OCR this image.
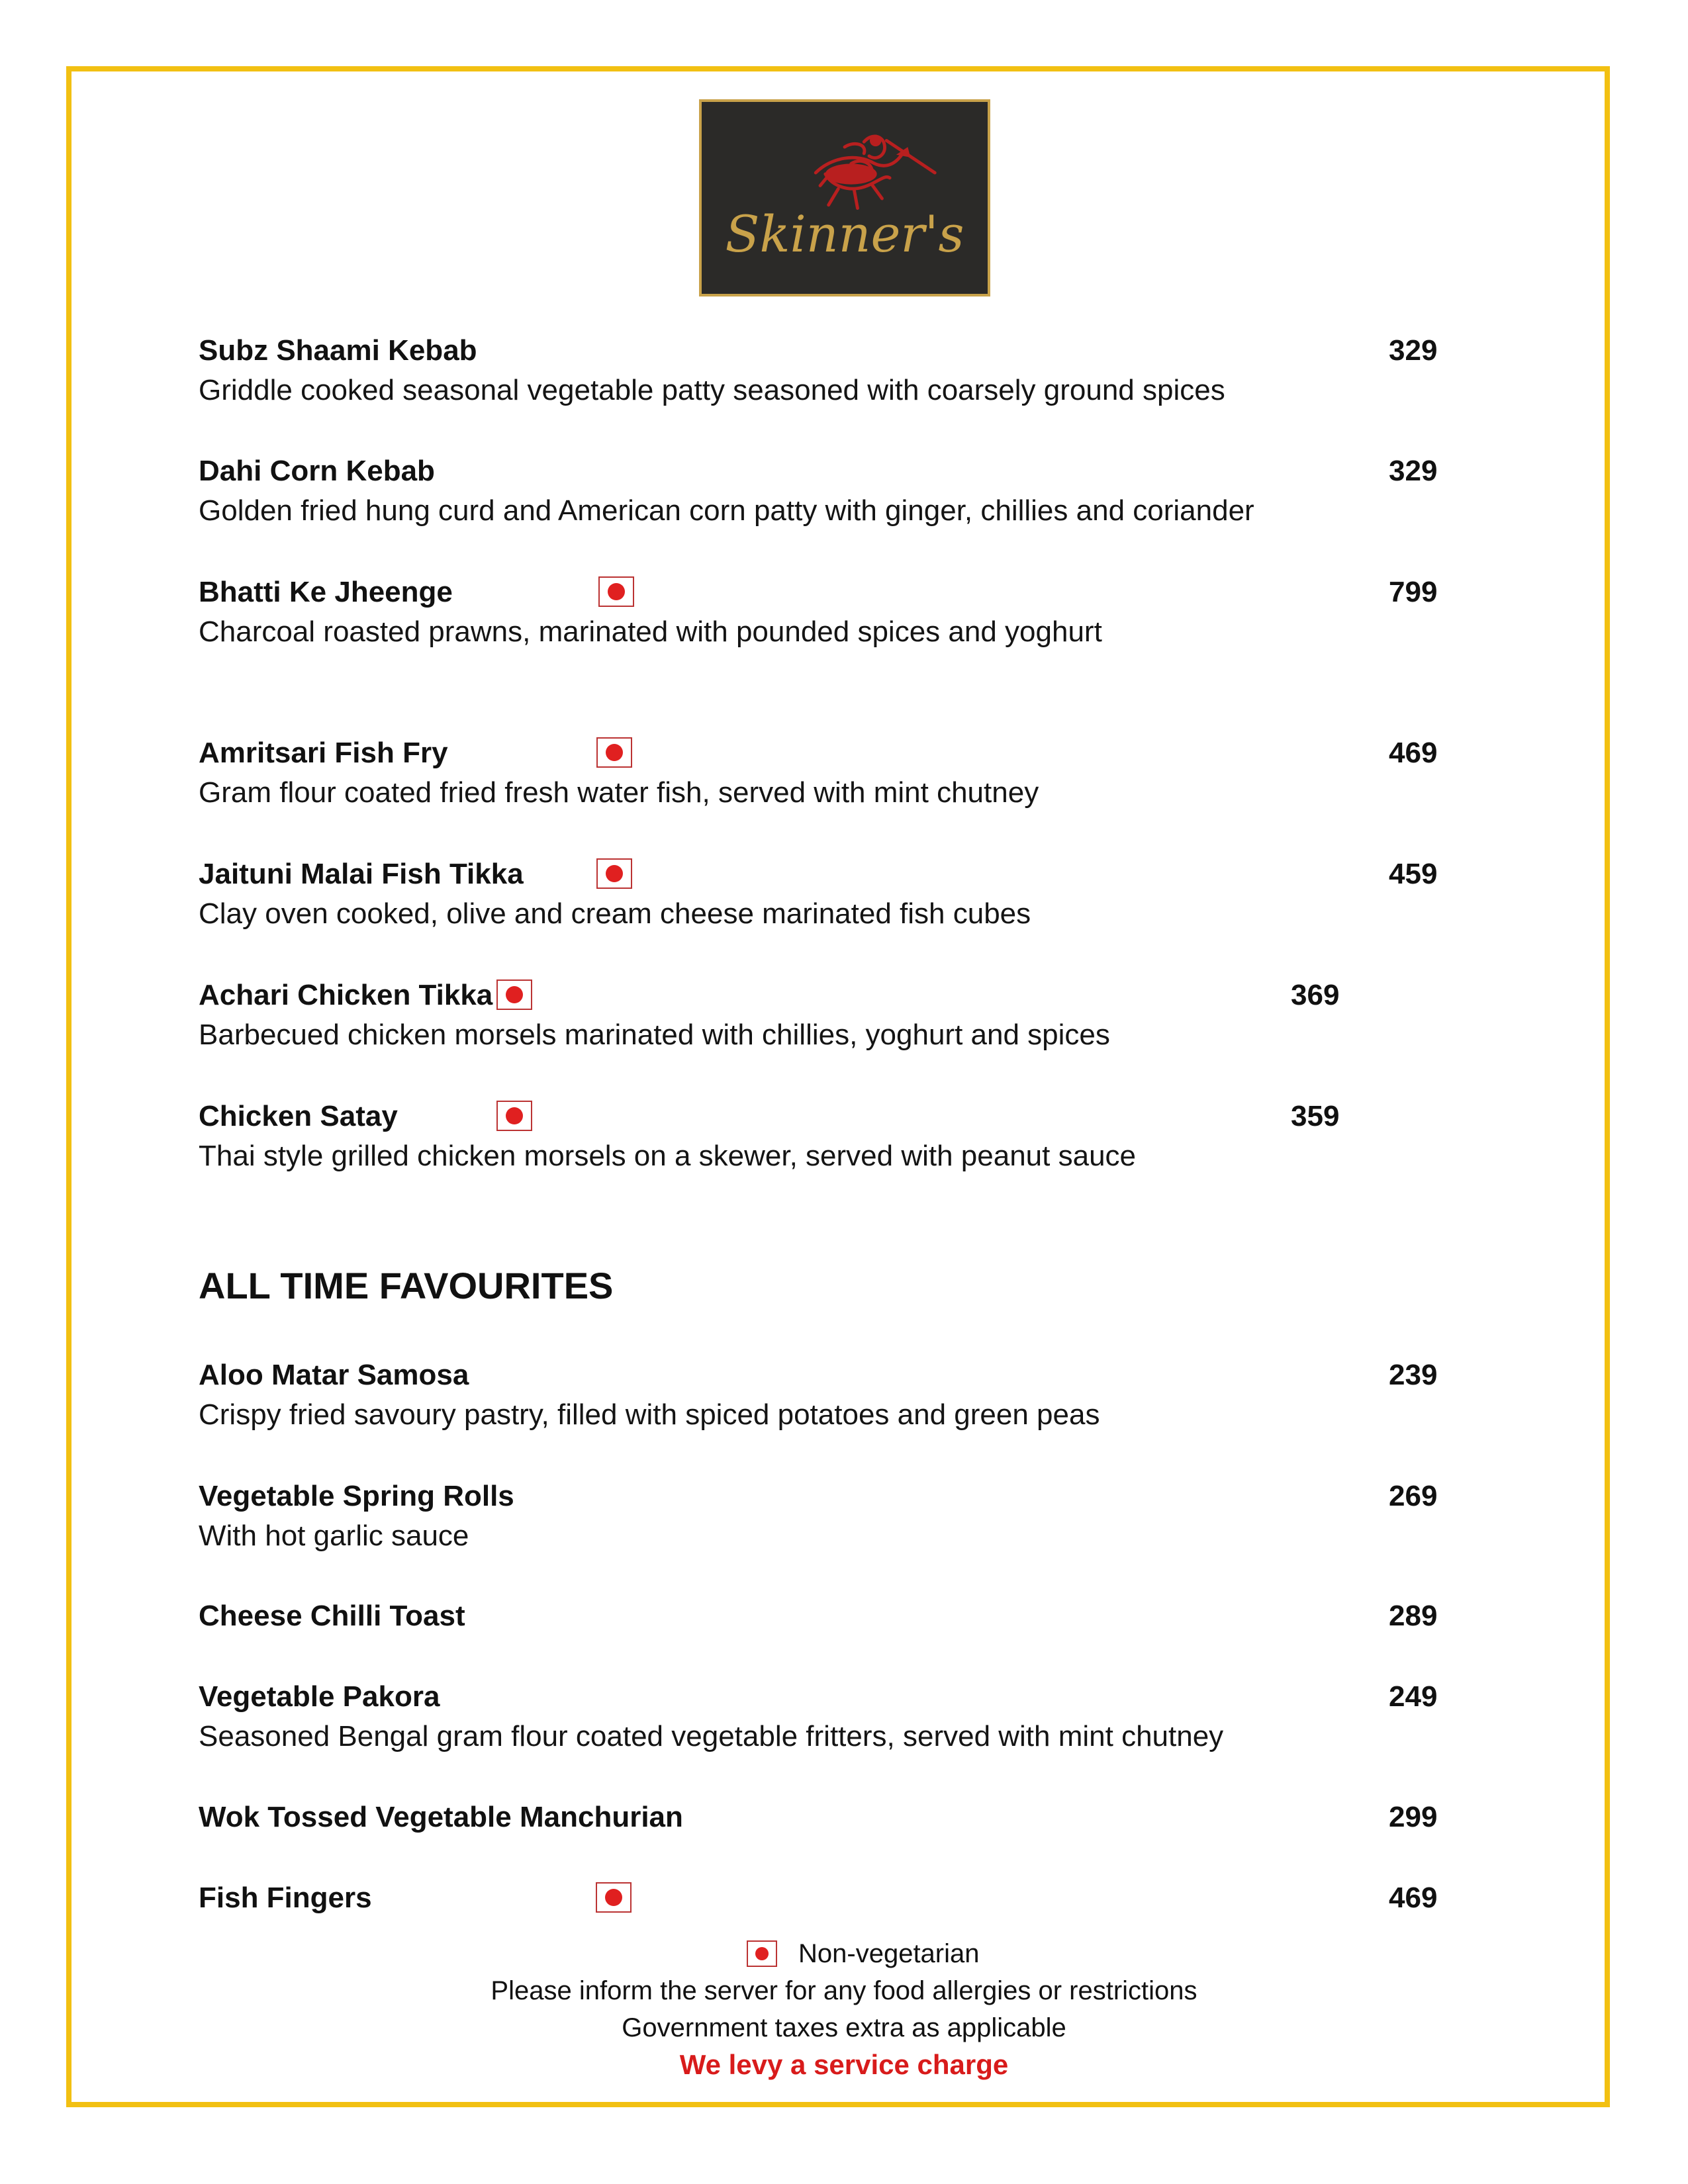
Skinner's
Subz Shaami Kebab	329
Griddle cooked seasonal vegetable patty seasoned with coarsely ground spices
Dahi Corn Kebab	329
Golden fried hung curd and American corn patty with ginger, chillies and coriander
Bhatti Ke Jheenge	799
Charcoal roasted prawns, marinated with pounded spices and yoghurt
Amritsari Fish Fry	469
Gram flour coated fried fresh water fish, served with mint chutney
Jaituni Malai Fish Tikka	459
Clay oven cooked, olive and cream cheese marinated fish cubes
Achari Chicken Tikka	369
Barbecued chicken morsels marinated with chillies, yoghurt and spices
Chicken Satay	359
Thai style grilled chicken morsels on a skewer, served with peanut sauce
ALL TIME FAVOURITES
Aloo Matar Samosa	239
Crispy fried savoury pastry, filled with spiced potatoes and green peas
Vegetable Spring Rolls	269
With hot garlic sauce
Cheese Chilli Toast	289
Vegetable Pakora	249
Seasoned Bengal gram flour coated vegetable fritters, served with mint chutney
Wok Tossed Vegetable Manchurian	299
Fish Fingers	469
Non-vegetarian
Please inform the server for any food allergies or restrictions
Government taxes extra as applicable
We levy a service charge
